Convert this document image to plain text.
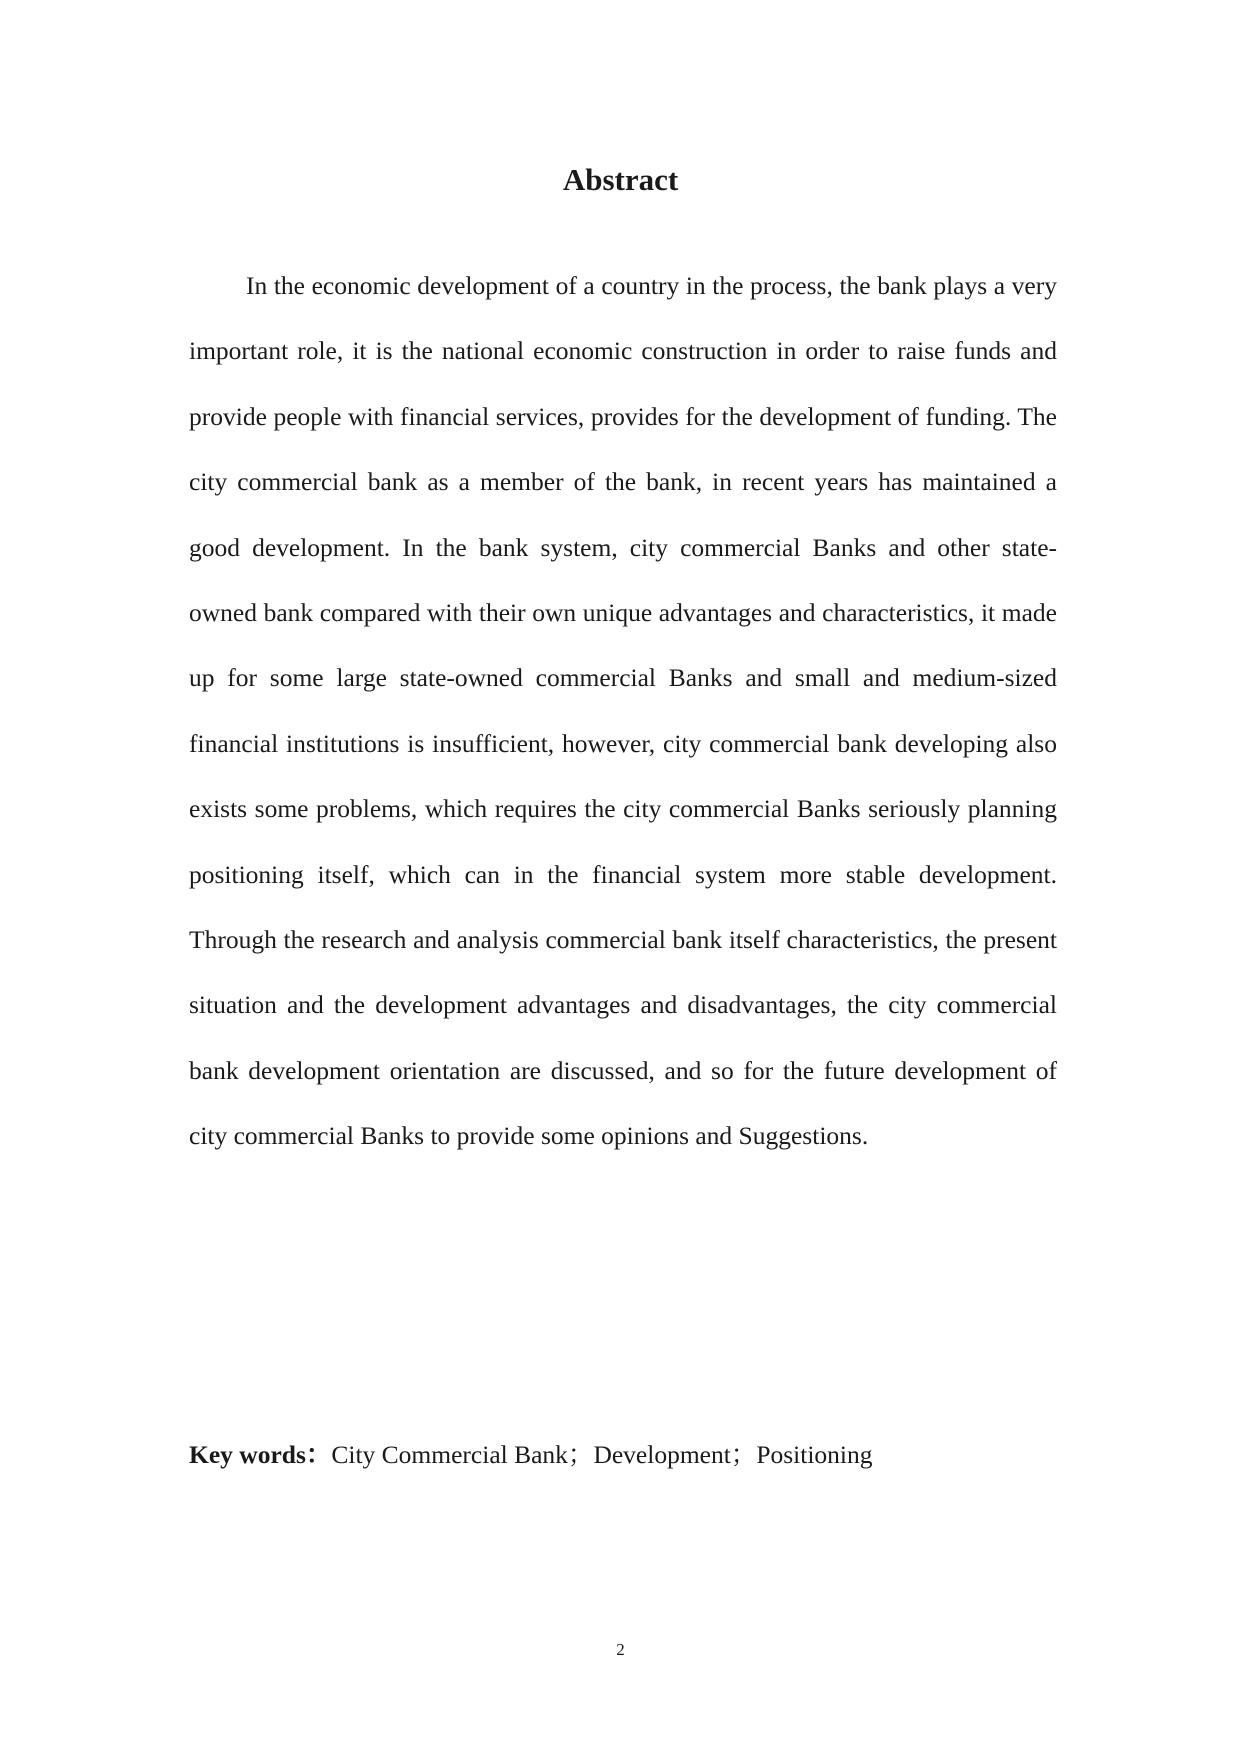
Abstract

In the economic development of a country in the process, the bank plays a very important role, it is the national economic construction in order to raise funds and provide people with financial services, provides for the development of funding. The city commercial bank as a member of the bank, in recent years has maintained a good development. In the bank system, city commercial Banks and other state-owned bank compared with their own unique advantages and characteristics, it made up for some large state-owned commercial Banks and small and medium-sized financial institutions is insufficient, however, city commercial bank developing also exists some problems, which requires the city commercial Banks seriously planning positioning itself, which can in the financial system more stable development. Through the research and analysis commercial bank itself characteristics, the present situation and the development advantages and disadvantages, the city commercial bank development orientation are discussed, and so for the future development of city commercial Banks to provide some opinions and Suggestions.

Key words：City Commercial Bank；Development；Positioning

2
